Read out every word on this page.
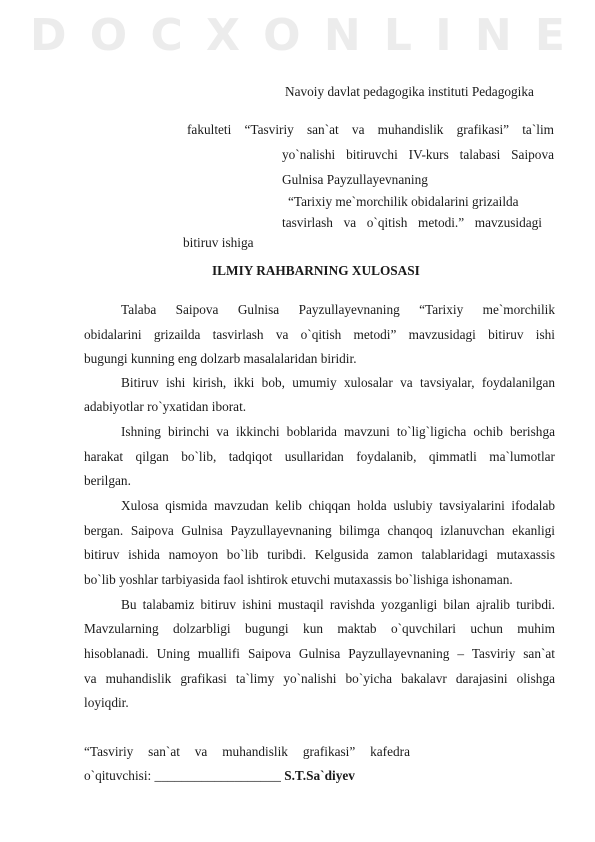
D O C X O N L I N E
Navoiy davlat pedagogika instituti Pedagogika
fakulteti “Tasviriy san`at va muhandislik grafikasi” ta`lim
yo`nalishi bitiruvchi IV-kurs talabasi Saipova
Gulnisa Payzullayevnaning
“Tarixiy me`morchilik obidalarini grizailda
tasvirlash va o`qitish metodi.” mavzusidagi
bitiruv ishiga
ILMIY RAHBARNING XULOSASI
Talaba Saipova Gulnisa Payzullayevnaning “Tarixiy me`morchilik
obidalarini grizailda tasvirlash va o`qitish metodi” mavzusidagi bitiruv ishi
bugungi kunning eng dolzarb masalalaridan biridir.
Bitiruv ishi kirish, ikki bob, umumiy xulosalar va tavsiyalar, foydalanilgan
adabiyotlar ro`yxatidan iborat.
Ishning birinchi va ikkinchi boblarida mavzuni to`lig`ligicha ochib berishga
harakat qilgan bo`lib, tadqiqot usullaridan foydalanib, qimmatli ma`lumotlar
berilgan.
Xulosa qismida mavzudan kelib chiqqan holda uslubiy tavsiyalarini ifodalab
bergan. Saipova Gulnisa Payzullayevnaning bilimga chanqoq izlanuvchan ekanligi
bitiruv ishida namoyon bo`lib turibdi. Kelgusida zamon talablaridagi mutaxassis
bo`lib yoshlar tarbiyasida faol ishtirok etuvchi mutaxassis bo`lishiga ishonaman.
Bu talabamiz bitiruv ishini mustaqil ravishda yozganligi bilan ajralib turibdi.
Mavzularning dolzarbligi bugungi kun maktab o`quvchilari uchun muhim
hisoblanadi. Uning muallifi Saipova Gulnisa Payzullayevnaning – Tasviriy san`at
va muhandislik grafikasi ta`limy yo`nalishi bo`yicha bakalavr darajasini olishga
loyiqdir.
“Tasviriy san`at va muhandislik grafikasi” kafedra
o`qituvchisi: ___________________ S.T.Sa`diyev
